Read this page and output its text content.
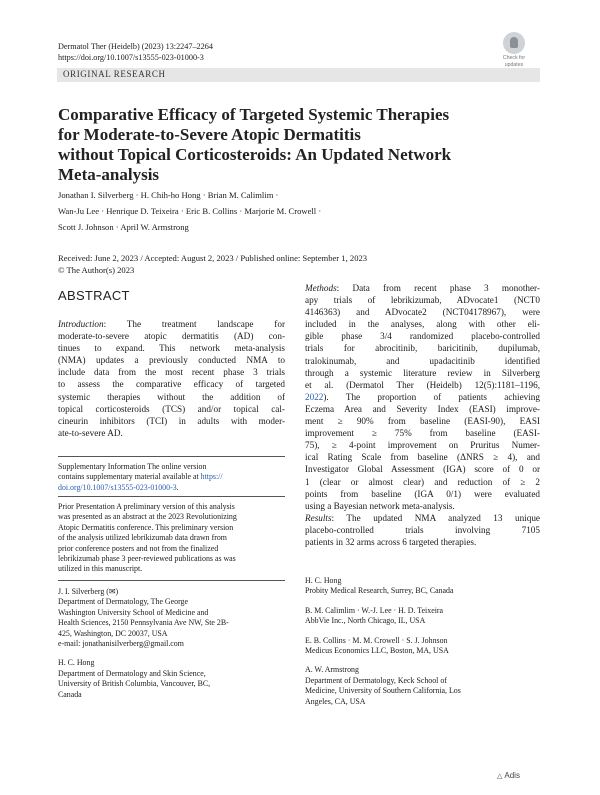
Dermatol Ther (Heidelb) (2023) 13:2247–2264
https://doi.org/10.1007/s13555-023-01000-3	Check for
updates
ORIGINAL RESEARCH
Comparative Efficacy of Targeted Systemic Therapies
for Moderate-to-Severe Atopic Dermatitis
without Topical Corticosteroids: An Updated Network
Meta-analysis
Jonathan I. Silverberg · H. Chih-ho Hong · Brian M. Calimlim ·
Wan-Ju Lee · Henrique D. Teixeira · Eric B. Collins · Marjorie M. Crowell ·
Scott J. Johnson · April W. Armstrong
Received: June 2, 2023 / Accepted: August 2, 2023 / Published online: September 1, 2023
© The Author(s) 2023
ABSTRACT
Introduction: The treatment landscape for
moderate-to-severe atopic dermatitis (AD) con-
tinues to expand. This network meta-analysis
(NMA) updates a previously conducted NMA to
include data from the most recent phase 3 trials
to assess the comparative efficacy of targeted
systemic therapies without the addition of
topical corticosteroids (TCS) and/or topical cal-
cineurin inhibitors (TCI) in adults with moder-
ate-to-severe AD.
Supplementary Information The online version
contains supplementary material available at https://
doi.org/10.1007/s13555-023-01000-3.
Prior Presentation A preliminary version of this analysis
was presented as an abstract at the 2023 Revolutionizing
Atopic Dermatitis conference. This preliminary version
of the analysis utilized lebrikizumab data drawn from
prior conference posters and not from the finalized
lebrikizumab phase 3 peer-reviewed publications as was
utilized in this manuscript.
J. I. Silverberg (✉)
Department of Dermatology, The George
Washington University School of Medicine and
Health Sciences, 2150 Pennsylvania Ave NW, Ste 2B-
425, Washington, DC 20037, USA
e-mail: jonathanisilverberg@gmail.com
H. C. Hong
Department of Dermatology and Skin Science,
University of British Columbia, Vancouver, BC,
Canada
Methods: Data from recent phase 3 monother-
apy trials of lebrikizumab, ADvocate1 (NCT0
4146363) and ADvocate2 (NCT04178967), were
included in the analyses, along with other eli-
gible phase 3/4 randomized placebo-controlled
trials for abrocitinib, baricitinib, dupilumab,
tralokinumab, and upadacitinib identified
through a systemic literature review in Silverberg
et al. (Dermatol Ther (Heidelb) 12(5):1181–1196,
2022). The proportion of patients achieving
Eczema Area and Severity Index (EASI) improve-
ment ≥ 90% from baseline (EASI-90), EASI
improvement ≥ 75% from baseline (EASI-
75), ≥ 4-point improvement on Pruritus Numer-
ical Rating Scale from baseline (ΔNRS ≥ 4), and
Investigator Global Assessment (IGA) score of 0 or
1 (clear or almost clear) and reduction of ≥ 2
points from baseline (IGA 0/1) were evaluated
using a Bayesian network meta-analysis.
Results: The updated NMA analyzed 13 unique
placebo-controlled trials involving 7105
patients in 32 arms across 6 targeted therapies.
H. C. Hong
Probity Medical Research, Surrey, BC, Canada
B. M. Calimlim · W.-J. Lee · H. D. Teixeira
AbbVie Inc., North Chicago, IL, USA
E. B. Collins · M. M. Crowell · S. J. Johnson
Medicus Economics LLC, Boston, MA, USA
A. W. Armstrong
Department of Dermatology, Keck School of
Medicine, University of Southern California, Los
Angeles, CA, USA
△ Adis
